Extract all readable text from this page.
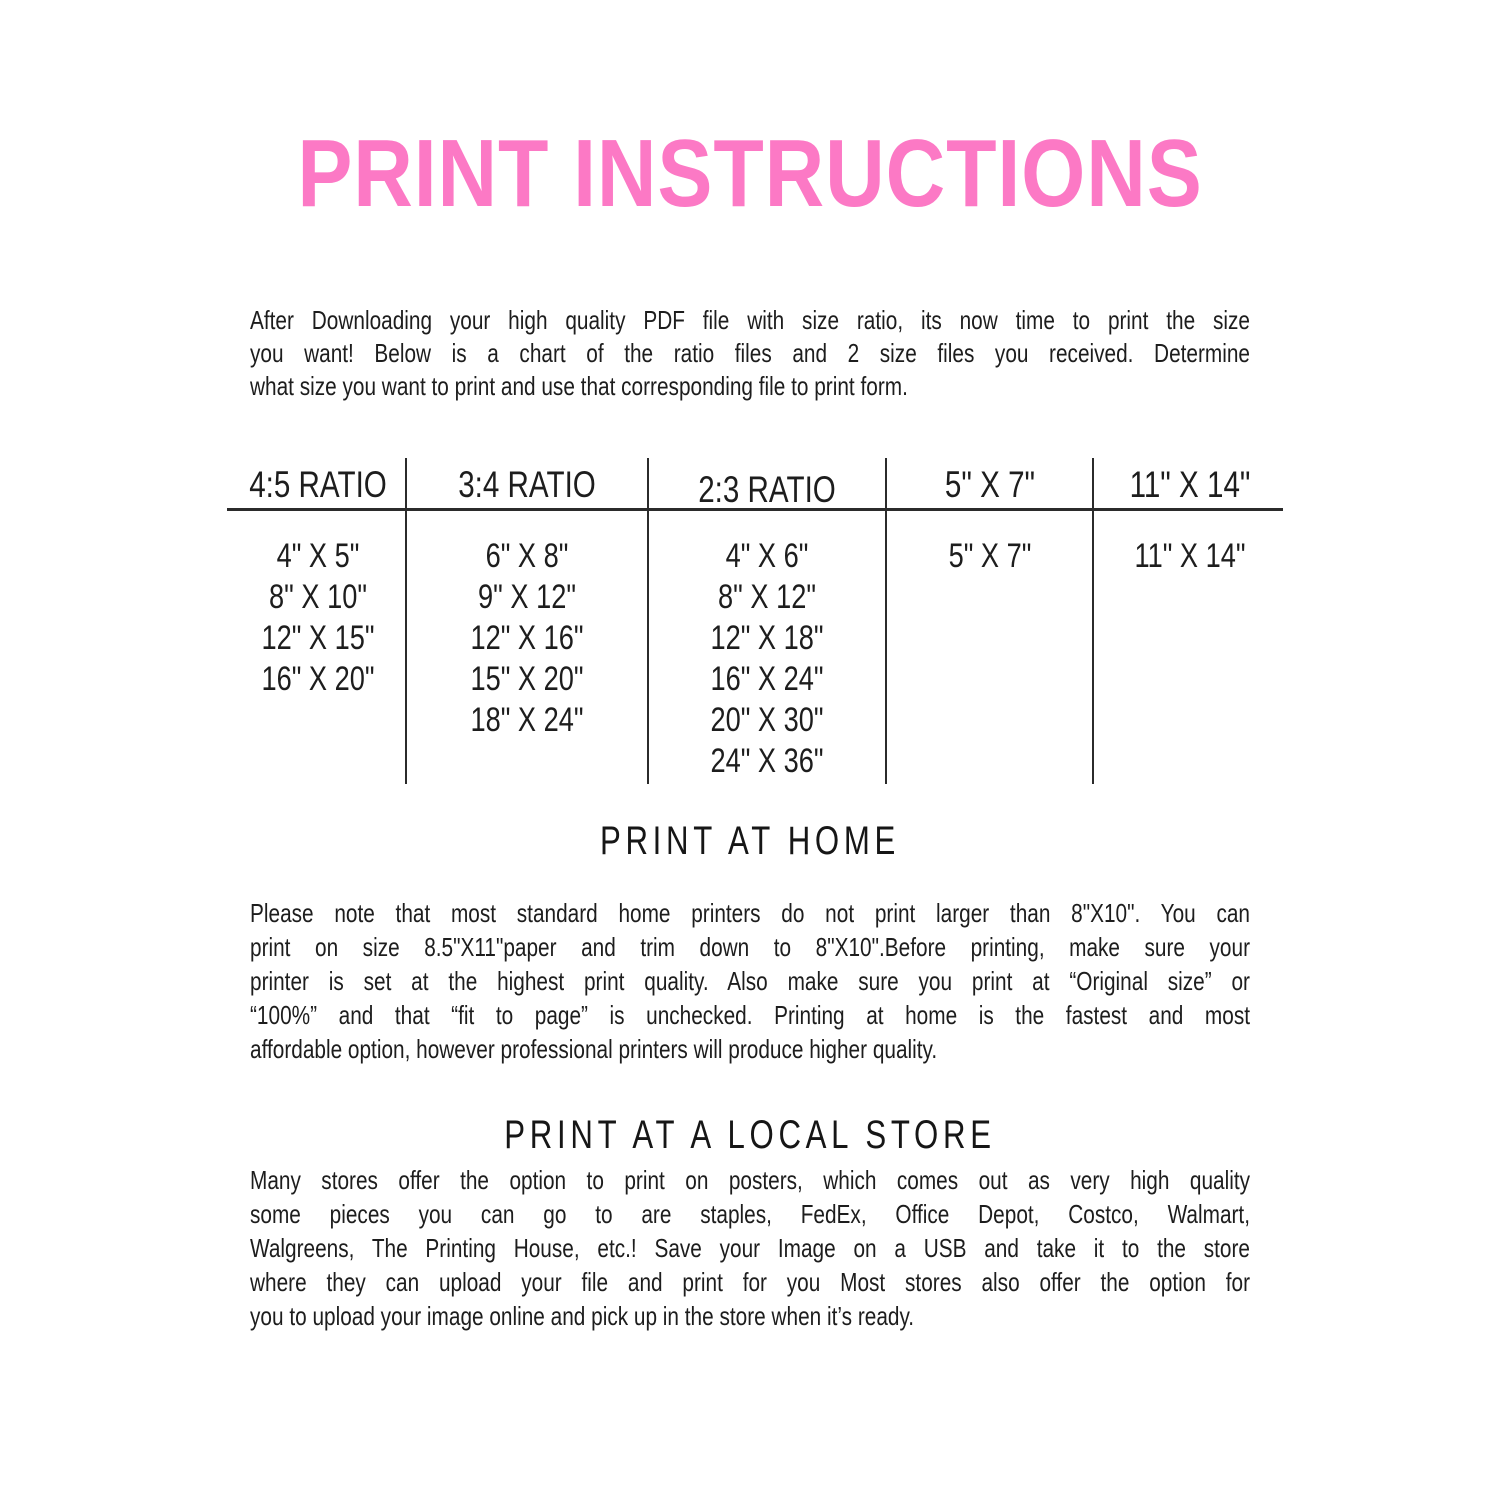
PRINT INSTRUCTIONS
After Downloading your high quality PDF file with size ratio, its now time to print the size
you want! Below is a chart of the ratio files and 2 size files you received. Determine
what size you want to print and use that corresponding file to print form.
4:5 RATIO
4" X 5"
8" X 10"
12" X 15"
16" X 20"
3:4 RATIO
6" X 8"
9" X 12"
12" X 16"
15" X 20"
18" X 24"
2:3 RATIO
4" X 6"
8" X 12"
12" X 18"
16" X 24"
20" X 30"
24" X 36"
5" X 7"
5" X 7"
11" X 14"
11" X 14"
PRINT AT HOME
Please note that most standard home printers do not print larger than 8"X10". You can
print on size 8.5"X11"paper and trim down to 8"X10".Before printing, make sure your
printer is set at the highest print quality. Also make sure you print at “Original size” or
“100%” and that “fit to page” is unchecked. Printing at home is the fastest and most
affordable option, however professional printers will produce higher quality.
PRINT AT A LOCAL STORE
Many stores offer the option to print on posters, which comes out as very high quality
some pieces you can go to are staples, FedEx, Office Depot, Costco, Walmart,
Walgreens, The Printing House, etc.! Save your Image on a USB and take it to the store
where they can upload your file and print for you Most stores also offer the option for
you to upload your image online and pick up in the store when it’s ready.
